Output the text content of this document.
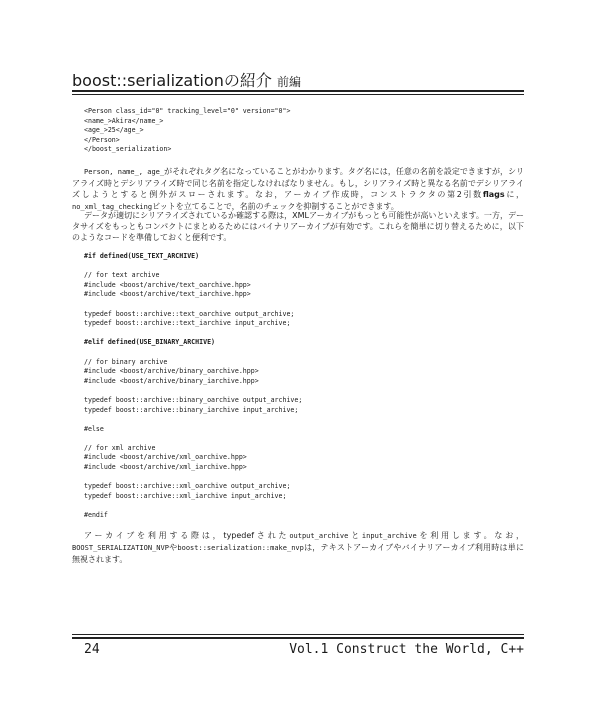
boost::serializationの紹介 前編
<Person class_id="0" tracking_level="0" version="0">
<name_>Akira</name_>
<age_>25</age_>
</Person>
</boost_serialization>

Person, name_, age_がそれぞれタグ名になっていることがわかります。タグ名には，任意の名前を設定できますが，シリアライズ時とデシリアライズ時で同じ名前を指定しなければなりません。もし，シリアライズ時と異なる名前でデシリアライズしようとすると例外がスローされます。なお，アーカイブ作成時，コンストラクタの第2引数flagsに，no_xml_tag_checkingビットを立てることで，名前のチェックを抑制することができます。

データが適切にシリアライズされているか確認する際は，XMLアーカイブがもっとも可能性が高いといえます。一方，データサイズをもっともコンパクトにまとめるためにはバイナリアーカイブが有効です。これらを簡単に切り替えるために，以下のようなコードを準備しておくと便利です。

#if defined(USE_TEXT_ARCHIVE)

// for text archive
#include <boost/archive/text_oarchive.hpp>
#include <boost/archive/text_iarchive.hpp>

typedef boost::archive::text_oarchive output_archive;
typedef boost::archive::text_iarchive input_archive;

#elif defined(USE_BINARY_ARCHIVE)

// for binary archive
#include <boost/archive/binary_oarchive.hpp>
#include <boost/archive/binary_iarchive.hpp>

typedef boost::archive::binary_oarchive output_archive;
typedef boost::archive::binary_iarchive input_archive;

#else

// for xml archive
#include <boost/archive/xml_oarchive.hpp>
#include <boost/archive/xml_iarchive.hpp>

typedef boost::archive::xml_oarchive output_archive;
typedef boost::archive::xml_iarchive input_archive;

#endif

アーカイブを利用する際は，typedefされたoutput_archiveとinput_archiveを利用します。なお，BOOST_SERIALIZATION_NVPやboost::serialization::make_nvpは，テキストアーカイブやバイナリアーカイブ利用時は単に無視されます。

24	Vol.1 Construct the World, C++
